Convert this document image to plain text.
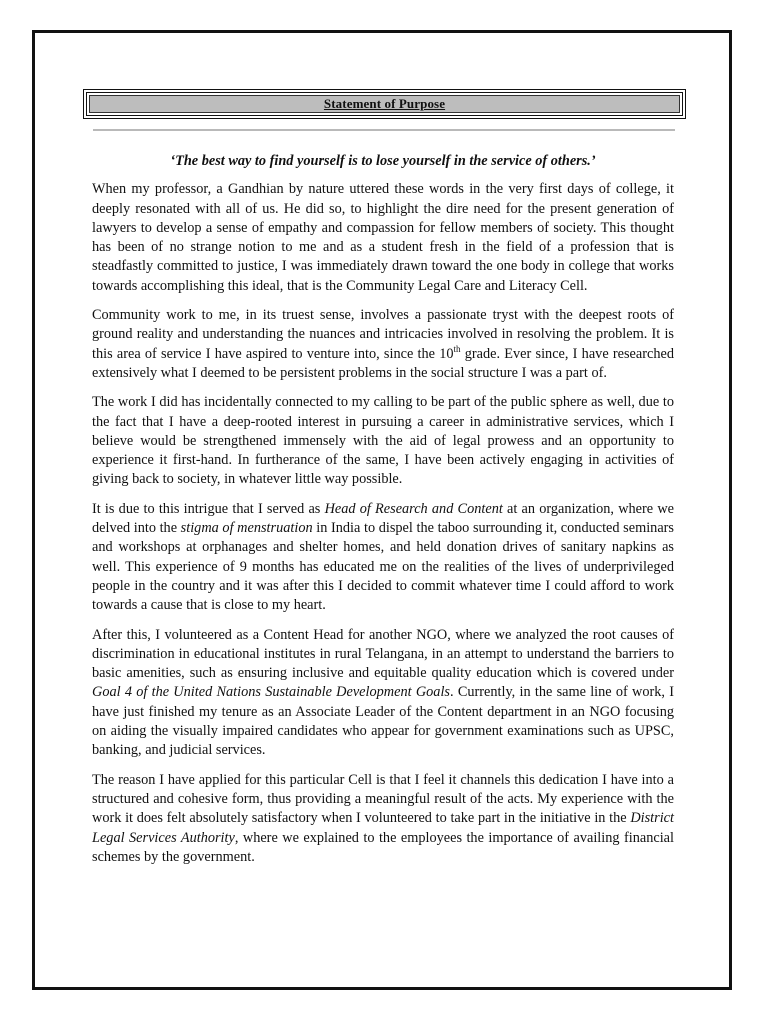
Statement of Purpose

‘The best way to find yourself is to lose yourself in the service of others.’

When my professor, a Gandhian by nature uttered these words in the very first days of college, it deeply resonated with all of us. He did so, to highlight the dire need for the present generation of lawyers to develop a sense of empathy and compassion for fellow members of society. This thought has been of no strange notion to me and as a student fresh in the field of a profession that is steadfastly committed to justice, I was immediately drawn toward the one body in college that works towards accomplishing this ideal, that is the Community Legal Care and Literacy Cell.

Community work to me, in its truest sense, involves a passionate tryst with the deepest roots of ground reality and understanding the nuances and intricacies involved in resolving the problem. It is this area of service I have aspired to venture into, since the 10th grade. Ever since, I have researched extensively what I deemed to be persistent problems in the social structure I was a part of.

The work I did has incidentally connected to my calling to be part of the public sphere as well, due to the fact that I have a deep-rooted interest in pursuing a career in administrative services, which I believe would be strengthened immensely with the aid of legal prowess and an opportunity to experience it first-hand. In furtherance of the same, I have been actively engaging in activities of giving back to society, in whatever little way possible.

It is due to this intrigue that I served as Head of Research and Content at an organization, where we delved into the stigma of menstruation in India to dispel the taboo surrounding it, conducted seminars and workshops at orphanages and shelter homes, and held donation drives of sanitary napkins as well. This experience of 9 months has educated me on the realities of the lives of underprivileged people in the country and it was after this I decided to commit whatever time I could afford to work towards a cause that is close to my heart.

After this, I volunteered as a Content Head for another NGO, where we analyzed the root causes of discrimination in educational institutes in rural Telangana, in an attempt to understand the barriers to basic amenities, such as ensuring inclusive and equitable quality education which is covered under Goal 4 of the United Nations Sustainable Development Goals. Currently, in the same line of work, I have just finished my tenure as an Associate Leader of the Content department in an NGO focusing on aiding the visually impaired candidates who appear for government examinations such as UPSC, banking, and judicial services.

The reason I have applied for this particular Cell is that I feel it channels this dedication I have into a structured and cohesive form, thus providing a meaningful result of the acts. My experience with the work it does felt absolutely satisfactory when I volunteered to take part in the initiative in the District Legal Services Authority, where we explained to the employees the importance of availing financial schemes by the government.
